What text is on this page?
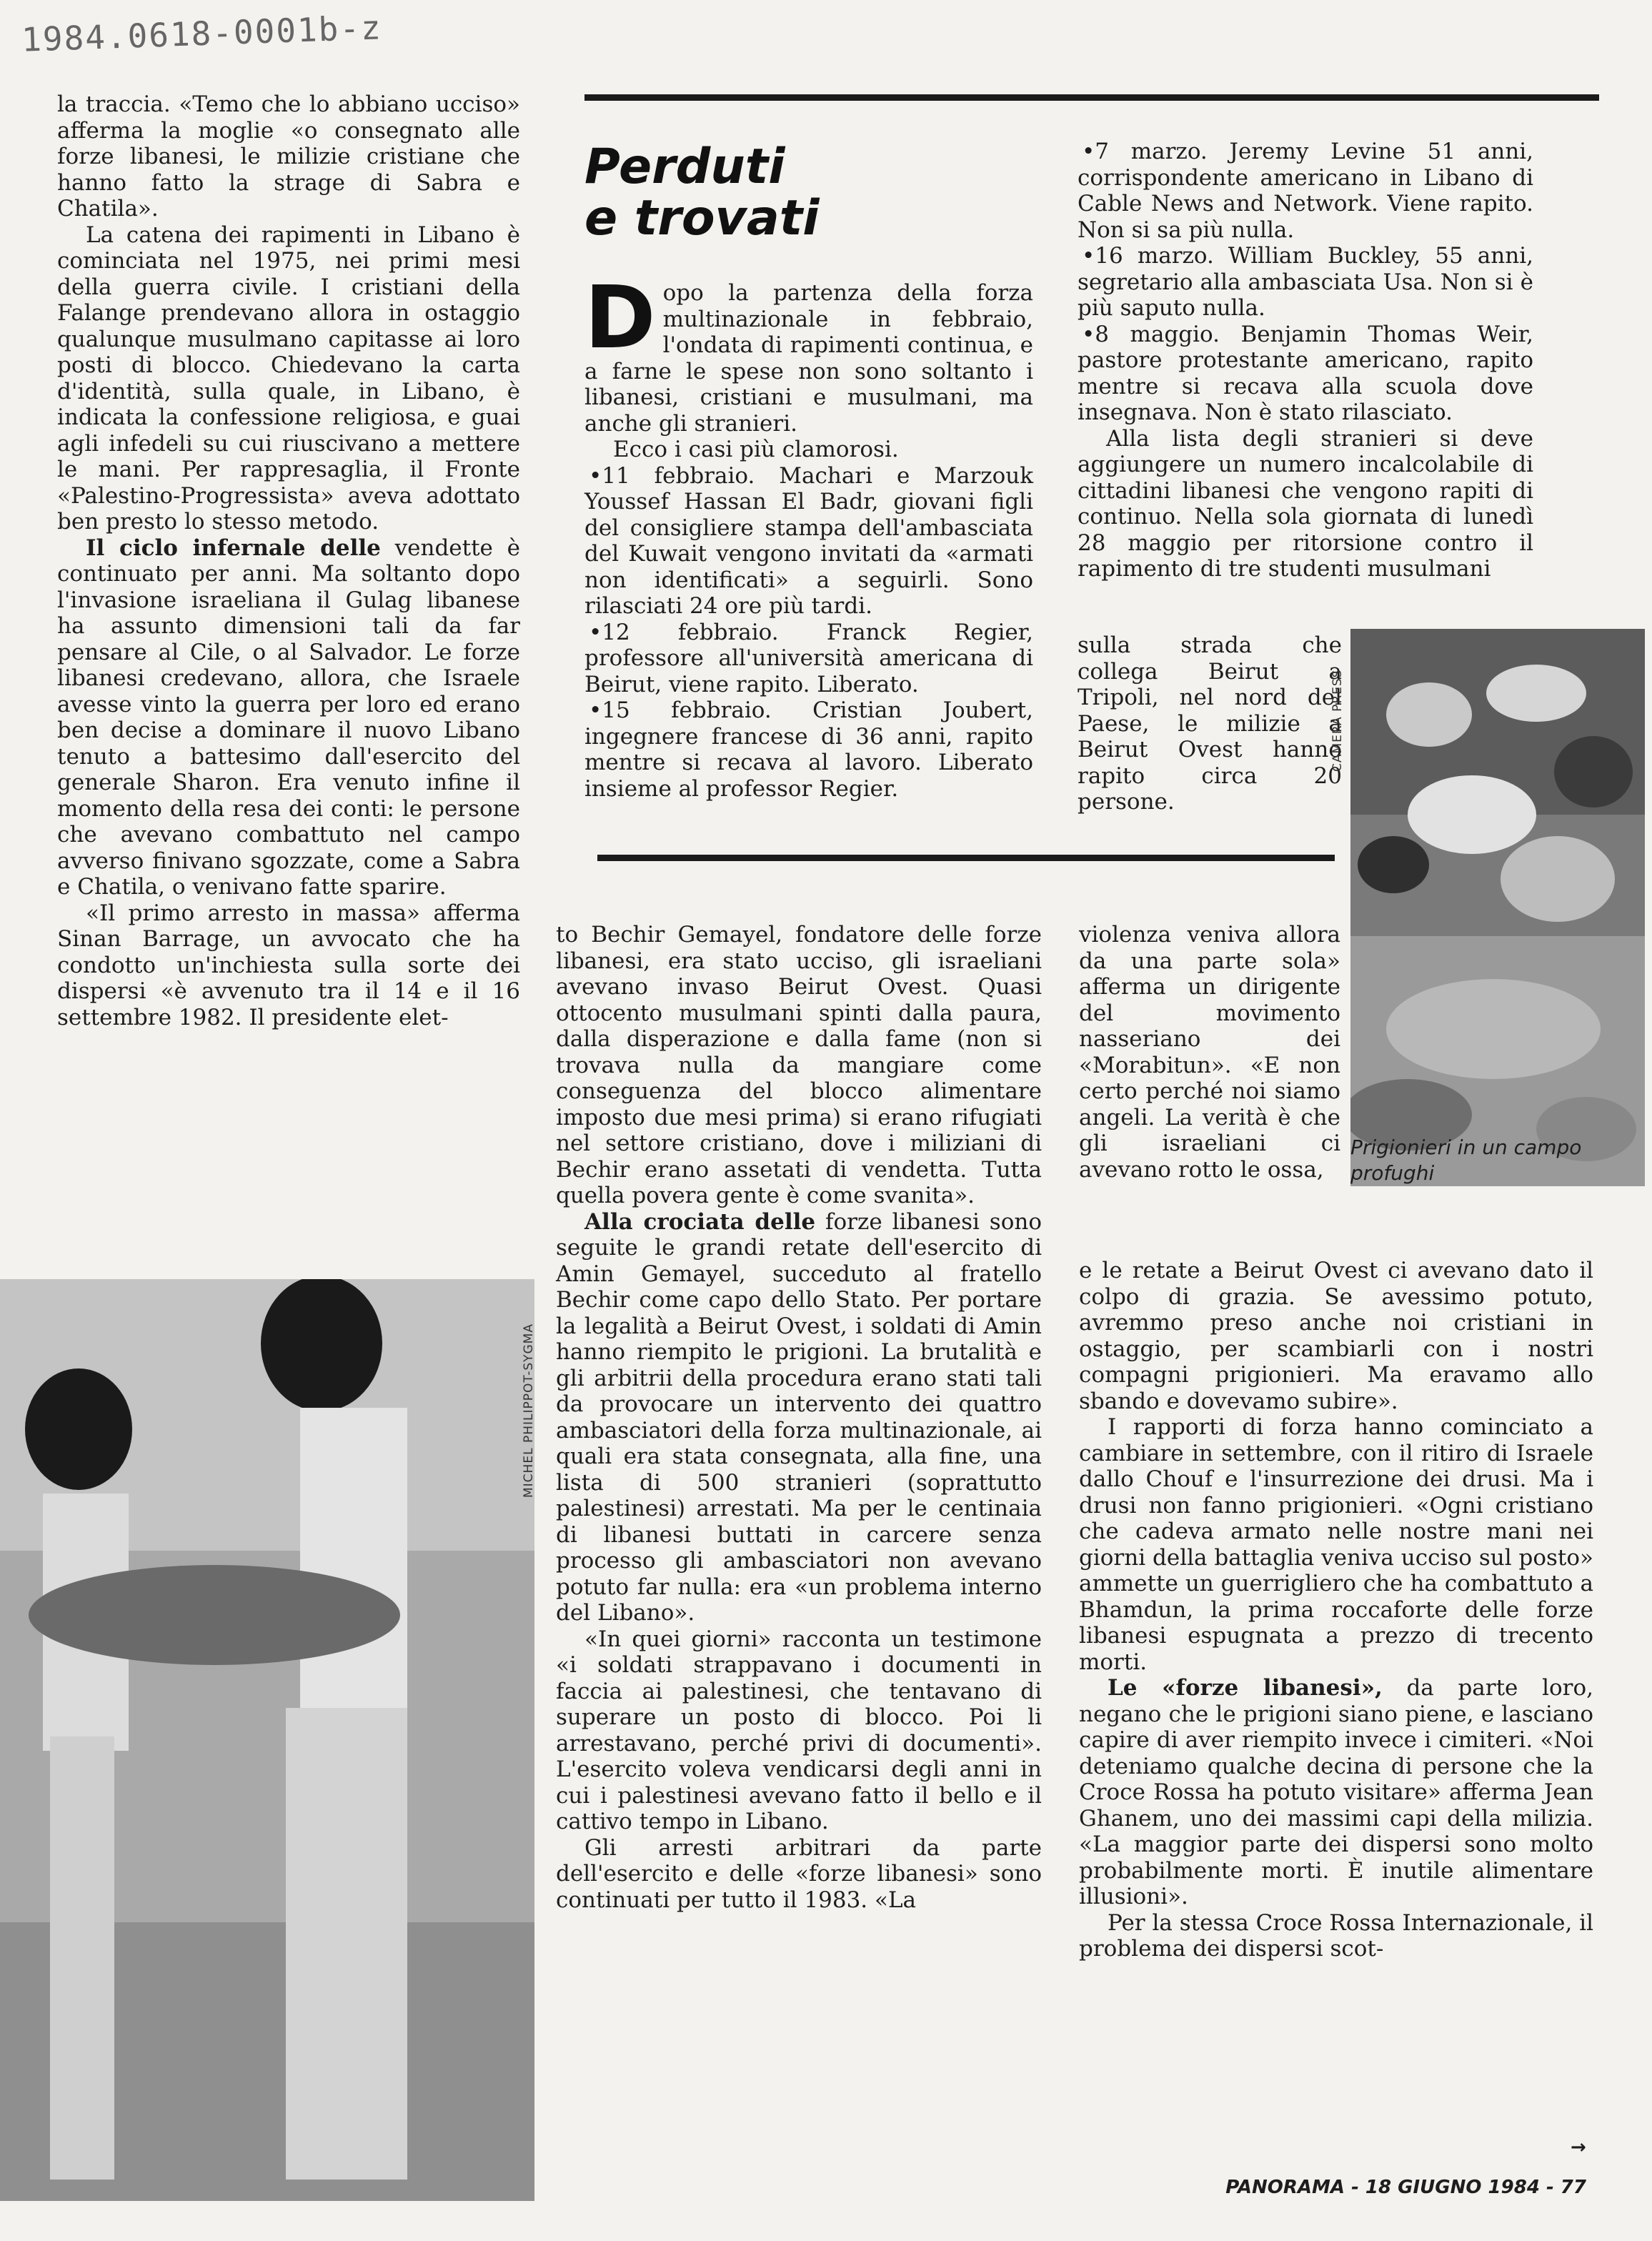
1984.0618-0001b-z

la traccia. «Temo che lo abbiano ucciso» afferma la moglie «o consegnato alle forze libanesi, le milizie cristiane che hanno fatto la strage di Sabra e Chatila».

La catena dei rapimenti in Libano è cominciata nel 1975, nei primi mesi della guerra civile. I cristiani della Falange prendevano allora in ostaggio qualunque musulmano capitasse ai loro posti di blocco. Chiedevano la carta d'identità, sulla quale, in Libano, è indicata la confessione religiosa, e guai agli infedeli su cui riuscivano a mettere le mani. Per rappresaglia, il Fronte «Palestino-Progressista» aveva adottato ben presto lo stesso metodo.

Il ciclo infernale delle vendette è continuato per anni. Ma soltanto dopo l'invasione israeliana il Gulag libanese ha assunto dimensioni tali da far pensare al Cile, o al Salvador. Le forze libanesi credevano, allora, che Israele avesse vinto la guerra per loro ed erano ben decise a dominare il nuovo Libano tenuto a battesimo dall'esercito del generale Sharon. Era venuto infine il momento della resa dei conti: le persone che avevano combattuto nel campo avverso finivano sgozzate, come a Sabra e Chatila, o venivano fatte sparire.

«Il primo arresto in massa» afferma Sinan Barrage, un avvocato che ha condotto un'inchiesta sulla sorte dei dispersi «è avvenuto tra il 14 e il 16 settembre 1982. Il presidente elet-

Perduti
e trovati

Dopo la partenza della forza multinazionale in febbraio, l'ondata di rapimenti continua, e a farne le spese non sono soltanto i libanesi, cristiani e musulmani, ma anche gli stranieri.

Ecco i casi più clamorosi.

• 11 febbraio. Machari e Marzouk Youssef Hassan El Badr, giovani figli del consigliere stampa dell'ambasciata del Kuwait vengono invitati da «armati non identificati» a seguirli. Sono rilasciati 24 ore più tardi.

• 12 febbraio. Franck Regier, professore all'università americana di Beirut, viene rapito. Liberato.

• 15 febbraio. Cristian Joubert, ingegnere francese di 36 anni, rapito mentre si recava al lavoro. Liberato insieme al professor Regier.

• 7 marzo. Jeremy Levine 51 anni, corrispondente americano in Libano di Cable News and Network. Viene rapito. Non si sa più nulla.

• 16 marzo. William Buckley, 55 anni, segretario alla ambasciata Usa. Non si è più saputo nulla.

• 8 maggio. Benjamin Thomas Weir, pastore protestante americano, rapito mentre si recava alla scuola dove insegnava. Non è stato rilasciato.

Alla lista degli stranieri si deve aggiungere un numero incalcolabile di cittadini libanesi che vengono rapiti di continuo. Nella sola giornata di lunedì 28 maggio per ritorsione contro il rapimento di tre studenti musulmani

sulla strada che collega Beirut a Tripoli, nel nord del Paese, le milizie a Beirut Ovest hanno rapito circa 20 persone.

CAMERA PRESS
Prigionieri in un campo profughi
MICHEL PHILIPPOT-SYGMA

to Bechir Gemayel, fondatore delle forze libanesi, era stato ucciso, gli israeliani avevano invaso Beirut Ovest. Quasi ottocento musulmani spinti dalla paura, dalla disperazione e dalla fame (non si trovava nulla da mangiare come conseguenza del blocco alimentare imposto due mesi prima) si erano rifugiati nel settore cristiano, dove i miliziani di Bechir erano assetati di vendetta. Tutta quella povera gente è come svanita».

Alla crociata delle forze libanesi sono seguite le grandi retate dell'esercito di Amin Gemayel, succeduto al fratello Bechir come capo dello Stato. Per portare la legalità a Beirut Ovest, i soldati di Amin hanno riempito le prigioni. La brutalità e gli arbitrii della procedura erano stati tali da provocare un intervento dei quattro ambasciatori della forza multinazionale, ai quali era stata consegnata, alla fine, una lista di 500 stranieri (soprattutto palestinesi) arrestati. Ma per le centinaia di libanesi buttati in carcere senza processo gli ambasciatori non avevano potuto far nulla: era «un problema interno del Libano».

«In quei giorni» racconta un testimone «i soldati strappavano i documenti in faccia ai palestinesi, che tentavano di superare un posto di blocco. Poi li arrestavano, perché privi di documenti». L'esercito voleva vendicarsi degli anni in cui i palestinesi avevano fatto il bello e il cattivo tempo in Libano.

Gli arresti arbitrari da parte dell'esercito e delle «forze libanesi» sono continuati per tutto il 1983. «La

violenza veniva allora da una parte sola» afferma un dirigente del movimento nasseriano dei «Morabitun». «E non certo perché noi siamo angeli. La verità è che gli israeliani ci avevano rotto le ossa,

e le retate a Beirut Ovest ci avevano dato il colpo di grazia. Se avessimo potuto, avremmo preso anche noi cristiani in ostaggio, per scambiarli con i nostri compagni prigionieri. Ma eravamo allo sbando e dovevamo subire».

I rapporti di forza hanno cominciato a cambiare in settembre, con il ritiro di Israele dallo Chouf e l'insurrezione dei drusi. Ma i drusi non fanno prigionieri. «Ogni cristiano che cadeva armato nelle nostre mani nei giorni della battaglia veniva ucciso sul posto» ammette un guerrigliero che ha combattuto a Bhamdun, la prima roccaforte delle forze libanesi espugnata a prezzo di trecento morti.

Le «forze libanesi», da parte loro, negano che le prigioni siano piene, e lasciano capire di aver riempito invece i cimiteri. «Noi deteniamo qualche decina di persone che la Croce Rossa ha potuto visitare» afferma Jean Ghanem, uno dei massimi capi della milizia. «La maggior parte dei dispersi sono molto probabilmente morti. È inutile alimentare illusioni».

Per la stessa Croce Rossa Internazionale, il problema dei dispersi scot-

→
PANORAMA - 18 GIUGNO 1984 - 77
